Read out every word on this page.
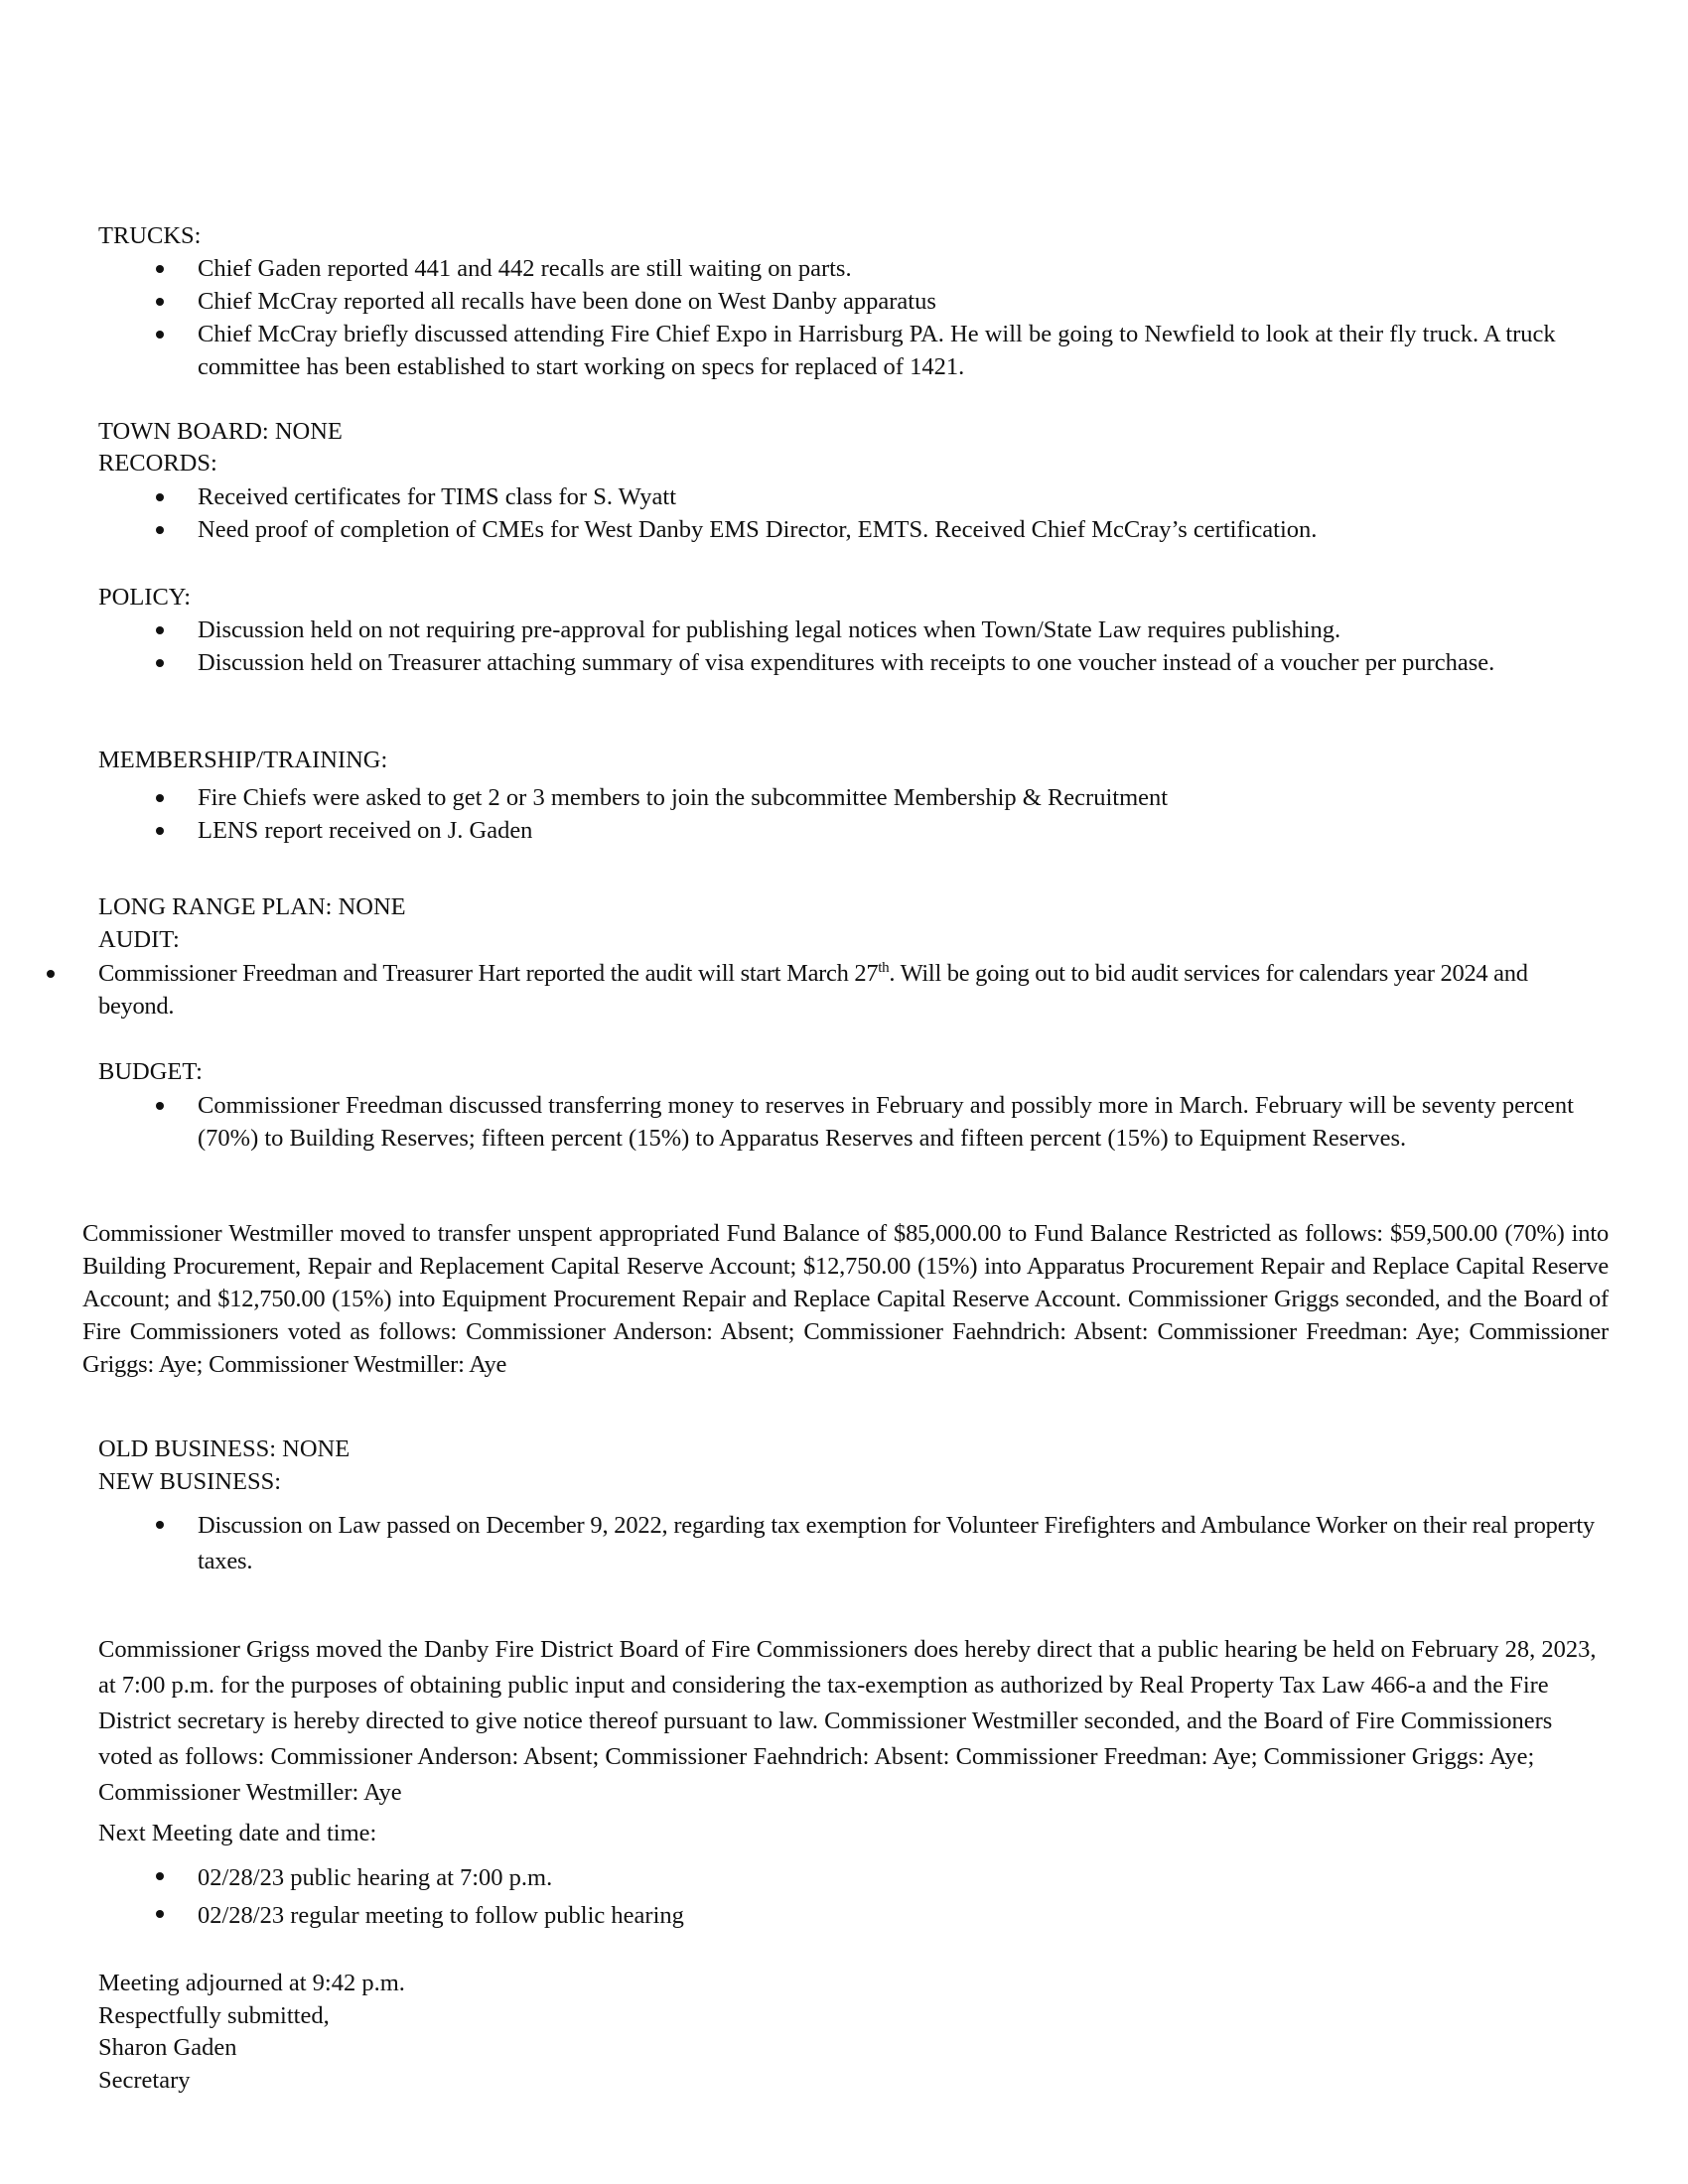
TRUCKS:
Chief Gaden reported 441 and 442 recalls are still waiting on parts.
Chief McCray reported all recalls have been done on West Danby apparatus
Chief McCray briefly discussed attending Fire Chief Expo in Harrisburg PA. He will be going to Newfield to look at their fly truck. A truck committee has been established to start working on specs for replaced of 1421.
TOWN BOARD: NONE
RECORDS:
Received certificates for TIMS class for S. Wyatt
Need proof of completion of CMEs for West Danby EMS Director, EMTS. Received Chief McCray’s certification.
POLICY:
Discussion held on not requiring pre-approval for publishing legal notices when Town/State Law requires publishing.
Discussion held on Treasurer attaching summary of visa expenditures with receipts to one voucher instead of a voucher per purchase.
MEMBERSHIP/TRAINING:
Fire Chiefs were asked to get 2 or 3 members to join the subcommittee Membership & Recruitment
LENS report received on J. Gaden
LONG RANGE PLAN: NONE
AUDIT:
Commissioner Freedman and Treasurer Hart reported the audit will start March 27th. Will be going out to bid audit services for calendars year 2024 and beyond.
BUDGET:
Commissioner Freedman discussed transferring money to reserves in February and possibly more in March. February will be seventy percent (70%) to Building Reserves; fifteen percent (15%) to Apparatus Reserves and fifteen percent (15%) to Equipment Reserves.
Commissioner Westmiller moved to transfer unspent appropriated Fund Balance of $85,000.00 to Fund Balance Restricted as follows: $59,500.00 (70%) into Building Procurement, Repair and Replacement Capital Reserve Account; $12,750.00 (15%) into Apparatus Procurement Repair and Replace Capital Reserve Account; and $12,750.00 (15%) into Equipment Procurement Repair and Replace Capital Reserve Account. Commissioner Griggs seconded, and the Board of Fire Commissioners voted as follows: Commissioner Anderson: Absent; Commissioner Faehndrich: Absent: Commissioner Freedman: Aye; Commissioner Griggs: Aye; Commissioner Westmiller: Aye
OLD BUSINESS: NONE
NEW BUSINESS:
Discussion on Law passed on December 9, 2022, regarding tax exemption for Volunteer Firefighters and Ambulance Worker on their real property taxes.
Commissioner Grigss moved the Danby Fire District Board of Fire Commissioners does hereby direct that a public hearing be held on February 28, 2023, at 7:00 p.m. for the purposes of obtaining public input and considering the tax-exemption as authorized by Real Property Tax Law 466-a and the Fire District secretary is hereby directed to give notice thereof pursuant to law. Commissioner Westmiller seconded, and the Board of Fire Commissioners voted as follows: Commissioner Anderson: Absent; Commissioner Faehndrich: Absent: Commissioner Freedman: Aye; Commissioner Griggs: Aye; Commissioner Westmiller: Aye
Next Meeting date and time:
02/28/23 public hearing at 7:00 p.m.
02/28/23 regular meeting to follow public hearing
Meeting adjourned at 9:42 p.m.
Respectfully submitted,
Sharon Gaden
Secretary
